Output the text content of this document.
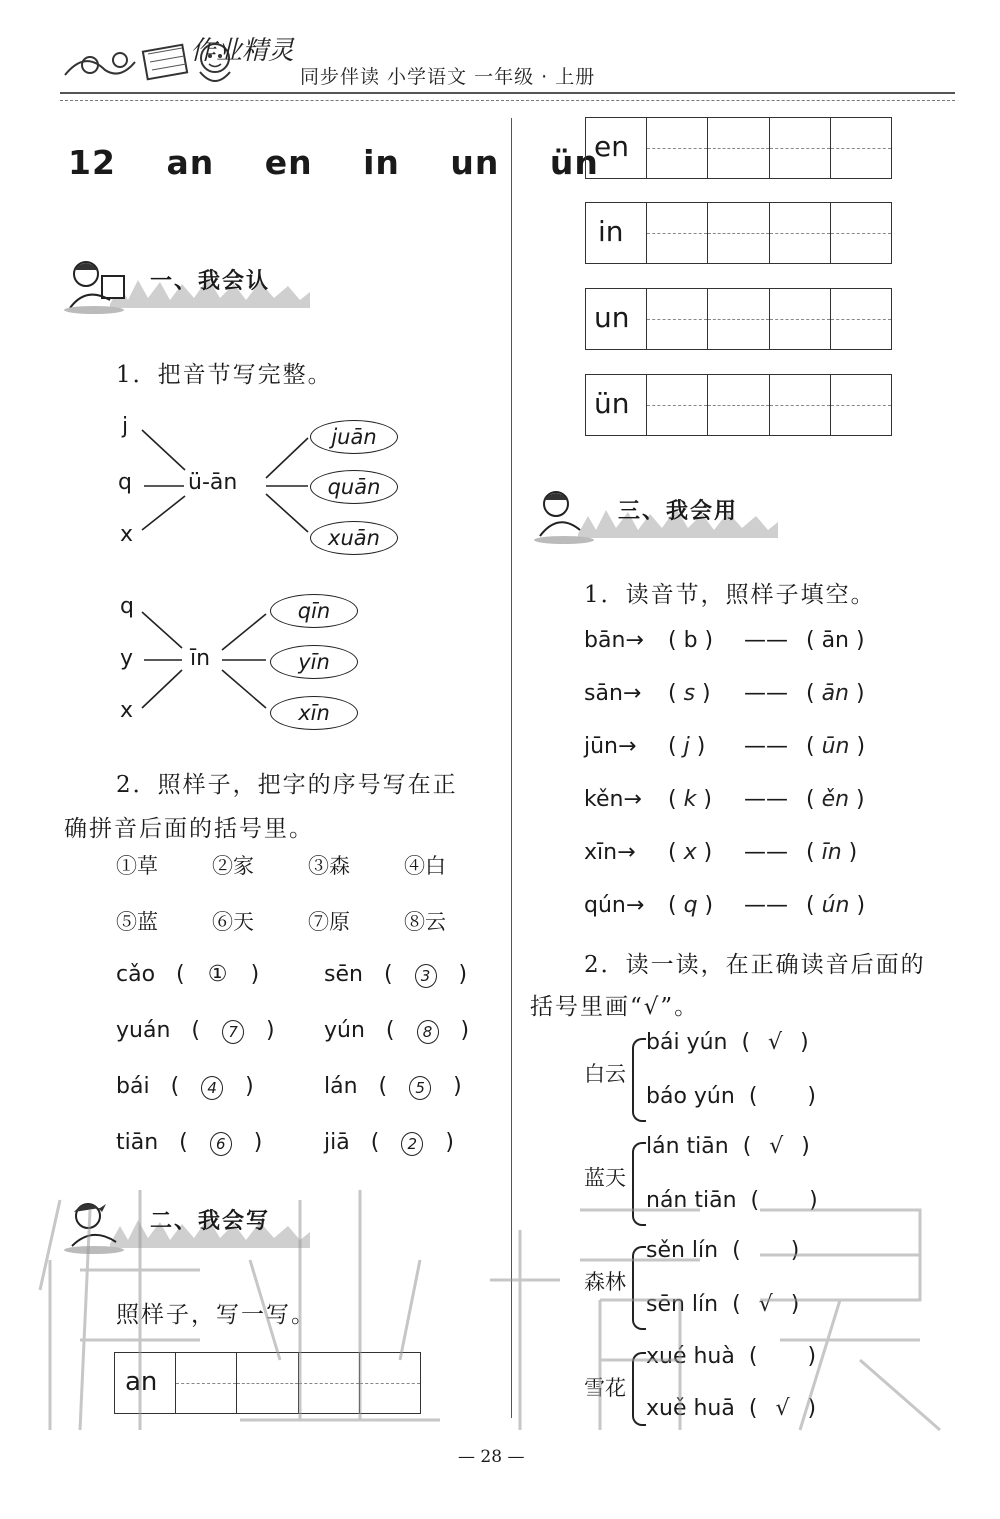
作业精灵
同步伴读 小学语文 一年级 · 上册
12 an en in un ün
一、我会认
1．把音节写完整。
j
q
x
ü-ān
juān
quān
xuān
q
y
x
īn
qīn
yīn
xīn
2．照样子，把字的序号写在正
确拼音后面的括号里。
①草	②家	③森	④白
⑤蓝	⑥天	⑦原	⑧云
cǎo ( ① )	sēn ( 3 )
yuán ( 7 ) yún ( 8 )
bái ( 4 )	lán ( 5 )
tiān ( 6 )	jiā ( 2 )
二、我会写
照样子，写一写。
an
en
in
un
ün
三、我会用
1．读音节，照样子填空。
bān→	( b )	—— ( ān )
sān→	( s )	—— ( ān )
jūn→	( j )	—— ( ūn )
kěn→	( k )	—— ( ěn )
xīn→	( x )	—— ( īn )
qún→	( q )	—— ( ún )
2．读一读，在正确读音后面的
括号里画“√”。
白云
bái yún ( √ )
báo yún ( )
蓝天
lán tiān ( √ )
nán tiān ( )
森林
sěn lín ( )
sēn lín ( √ )
雪花
xué huà ( )
xuě huā ( √ )
— 28 —
